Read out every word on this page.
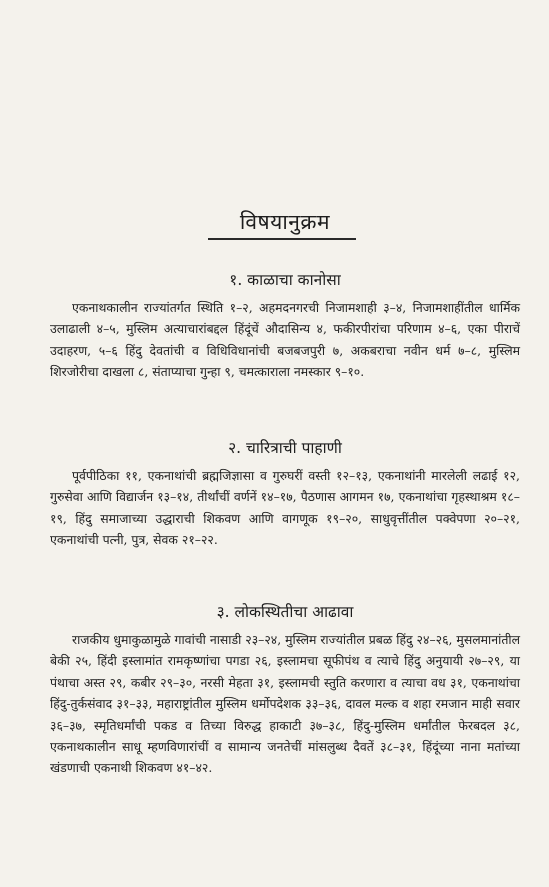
विषयानुक्रम
१. काळाचा कानोसा

एकनाथकालीन राज्यांतर्गत स्थिति १–२, अहमदनगरची निजामशाही ३–४, निजामशाहींतील धार्मिक उलाढाली ४–५, मुस्लिम अत्याचारांबद्दल हिंदूंचें औदासिन्य ४, फकीरपीरांचा परिणाम ४–६, एका पीराचें उदाहरण, ५–६ हिंदु देवतांची व विधिविधानांची बजबजपुरी ७, अकबराचा नवीन धर्म ७–८, मुस्लिम शिरजोरीचा दाखला ८, संताप्याचा गुन्हा ९, चमत्काराला नमस्कार ९–१०.

२. चारित्राची पाहाणी

पूर्वपीठिका ११, एकनाथांची ब्रह्मजिज्ञासा व गुरुघरीं वस्ती १२–१३, एकनाथांनी मारलेली लढाई १२, गुरुसेवा आणि विद्यार्जन १३–१४, तीर्थांचीं वर्णनें १४–१७, पैठणास आगमन १७, एकनाथांचा गृहस्थाश्रम १८–१९, हिंदु समाजाच्या उद्धाराची शिकवण आणि वागणूक १९–२०, साधुवृत्तींतील पक्वेपणा २०–२१, एकनाथांची पत्नी, पुत्र, सेवक २१–२२.

३. लोकस्थितीचा आढावा

राजकीय धुमाकुळामुळे गावांची नासाडी २३–२४, मुस्लिम राज्यांतील प्रबळ हिंदु २४–२६, मुसलमानांतील बेकी २५, हिंदी इस्लामांत रामकृष्णांचा पगडा २६, इस्लामचा सूफीपंथ व त्याचे हिंदु अनुयायी २७–२९, या पंथाचा अस्त २९, कबीर २९–३०, नरसी मेहता ३१, इस्लामची स्तुति करणारा व त्याचा वध ३१, एकनाथांचा हिंदु-तुर्कसंवाद ३१–३३, महाराष्ट्रांतील मुस्लिम धर्मोपदेशक ३३–३६, दावल मल्क व शहा रमजान माही सवार ३६–३७, स्मृतिधर्मांची पकड व तिच्या विरुद्ध हाकाटी ३७–३८, हिंदु-मुस्लिम धर्मांतील फेरबदल ३८, एकनाथकालीन साधू म्हणविणारांचीं व सामान्य जनतेचीं मांसलुब्ध दैवतें ३८–३१, हिंदूंच्या नाना मतांच्या खंडणाची एकनाथी शिकवण ४१–४२.
